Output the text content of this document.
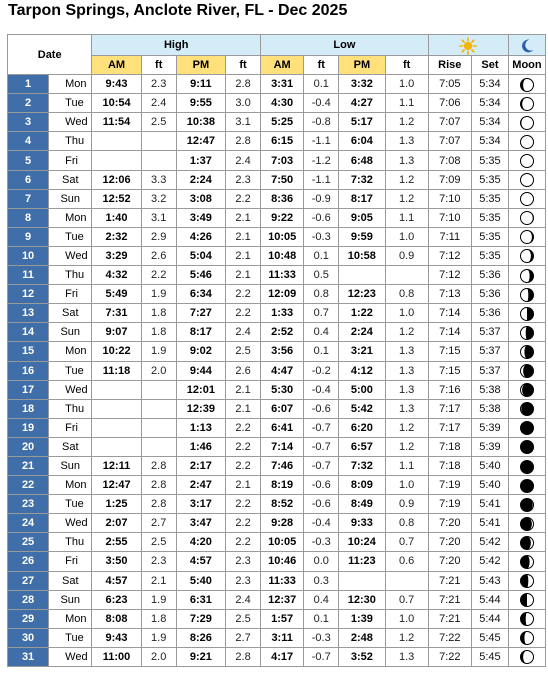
Tarpon Springs, Anclote River, FL - Dec 2025
Date		High				Low	

		AM	ft	PM	ft	AM	ft	PM	ft	Rise	Set	Moon
1	Mon	9:43	2.3	9:11	2.8	3:31	0.1	3:32	1.0	7:05	5:34	

2	Tue	10:54	2.4	9:55	3.0	4:30	-0.4	4:27	1.1	7:06	5:34	

3	Wed	11:54	2.5	10:38	3.1	5:25	-0.8	5:17	1.2	7:07	5:34	

4	Thu			12:47	2.8	6:15	-1.1	6:04	1.3	7:07	5:34	

5	Fri			1:37	2.4	7:03	-1.2	6:48	1.3	7:08	5:35	

6	Sat	12:06	3.3	2:24	2.3	7:50	-1.1	7:32	1.2	7:09	5:35	

7	Sun	12:52	3.2	3:08	2.2	8:36	-0.9	8:17	1.2	7:10	5:35	

8	Mon	1:40	3.1	3:49	2.1	9:22	-0.6	9:05	1.1	7:10	5:35	

9	Tue	2:32	2.9	4:26	2.1	10:05	-0.3	9:59	1.0	7:11	5:35	

10	Wed	3:29	2.6	5:04	2.1	10:48	0.1	10:58	0.9	7:12	5:35	

11	Thu	4:32	2.2	5:46	2.1	11:33	0.5			7:12	5:36	

12	Fri	5:49	1.9	6:34	2.2	12:09	0.8	12:23	0.8	7:13	5:36	

13	Sat	7:31	1.8	7:27	2.2	1:33	0.7	1:22	1.0	7:14	5:36	

14	Sun	9:07	1.8	8:17	2.4	2:52	0.4	2:24	1.2	7:14	5:37	

15	Mon	10:22	1.9	9:02	2.5	3:56	0.1	3:21	1.3	7:15	5:37	

16	Tue	11:18	2.0	9:44	2.6	4:47	-0.2	4:12	1.3	7:15	5:37	

17	Wed			12:01	2.1	5:30	-0.4	5:00	1.3	7:16	5:38	

18	Thu			12:39	2.1	6:07	-0.6	5:42	1.3	7:17	5:38	

19	Fri			1:13	2.2	6:41	-0.7	6:20	1.2	7:17	5:39	

20	Sat			1:46	2.2	7:14	-0.7	6:57	1.2	7:18	5:39	

21	Sun	12:11	2.8	2:17	2.2	7:46	-0.7	7:32	1.1	7:18	5:40	

22	Mon	12:47	2.8	2:47	2.1	8:19	-0.6	8:09	1.0	7:19	5:40	

23	Tue	1:25	2.8	3:17	2.2	8:52	-0.6	8:49	0.9	7:19	5:41	

24	Wed	2:07	2.7	3:47	2.2	9:28	-0.4	9:33	0.8	7:20	5:41	

25	Thu	2:55	2.5	4:20	2.2	10:05	-0.3	10:24	0.7	7:20	5:42	

26	Fri	3:50	2.3	4:57	2.3	10:46	0.0	11:23	0.6	7:20	5:42	

27	Sat	4:57	2.1	5:40	2.3	11:33	0.3			7:21	5:43	

28	Sun	6:23	1.9	6:31	2.4	12:37	0.4	12:30	0.7	7:21	5:44	

29	Mon	8:08	1.8	7:29	2.5	1:57	0.1	1:39	1.0	7:21	5:44	

30	Tue	9:43	1.9	8:26	2.7	3:11	-0.3	2:48	1.2	7:22	5:45	

31	Wed	11:00	2.0	9:21	2.8	4:17	-0.7	3:52	1.3	7:22	5:45	
